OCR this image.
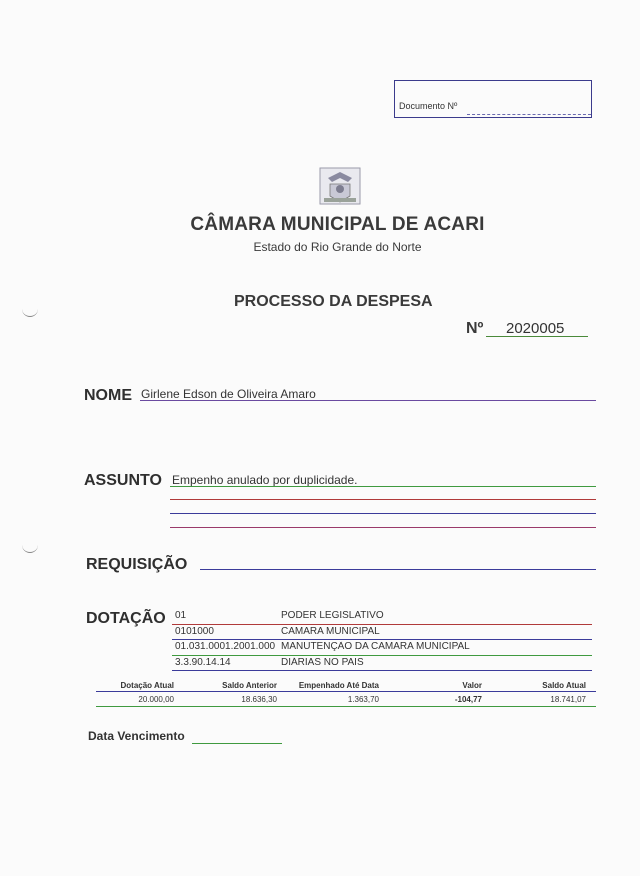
Documento Nº
CÂMARA MUNICIPAL DE ACARI
Estado do Rio Grande do Norte
PROCESSO DA DESPESA
Nº 2020005
NOME Girlene Edson de Oliveira Amaro
ASSUNTO Empenho anulado por duplicidade.
REQUISIÇÃO
DOTAÇÃO 01	PODER LEGISLATIVO
0101000	CAMARA MUNICIPAL
01.031.0001.2001.000 MANUTENÇÃO DA CAMARA MUNICIPAL
3.3.90.14.14	DIÁRIAS NO PAIS
Dotação Atual	Saldo Anterior	Empenhado Até Data	Valor	Saldo Atual
20.000,00	18.636,30	1.363,70	-104,77	18.741,07
Data Vencimento
